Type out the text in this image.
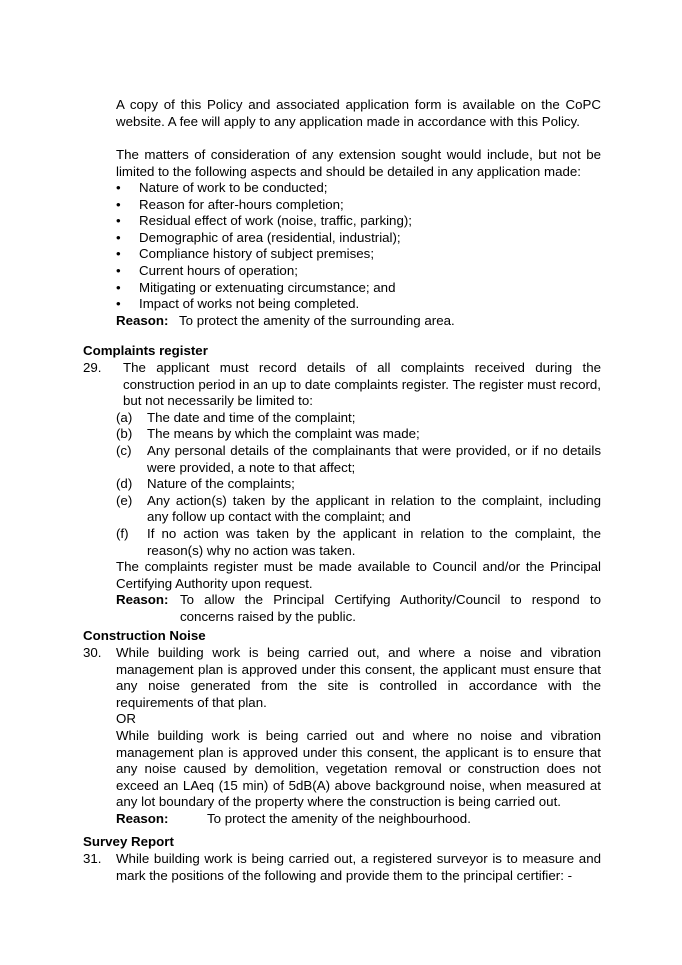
A copy of this Policy and associated application form is available on the CoPC website. A fee will apply to any application made in accordance with this Policy.
The matters of consideration of any extension sought would include, but not be limited to the following aspects and should be detailed in any application made:
• Nature of work to be conducted;
• Reason for after-hours completion;
• Residual effect of work (noise, traffic, parking);
• Demographic of area (residential, industrial);
• Compliance history of subject premises;
• Current hours of operation;
• Mitigating or extenuating circumstance; and
• Impact of works not being completed.
Reason: To protect the amenity of the surrounding area.
Complaints register
29. The applicant must record details of all complaints received during the construction period in an up to date complaints register. The register must record, but not necessarily be limited to:
(a) The date and time of the complaint;
(b) The means by which the complaint was made;
(c) Any personal details of the complainants that were provided, or if no details were provided, a note to that affect;
(d) Nature of the complaints;
(e) Any action(s) taken by the applicant in relation to the complaint, including any follow up contact with the complaint; and
(f) If no action was taken by the applicant in relation to the complaint, the reason(s) why no action was taken.
The complaints register must be made available to Council and/or the Principal Certifying Authority upon request.
Reason: To allow the Principal Certifying Authority/Council to respond to concerns raised by the public.
Construction Noise
30. While building work is being carried out, and where a noise and vibration management plan is approved under this consent, the applicant must ensure that any noise generated from the site is controlled in accordance with the requirements of that plan.
OR
While building work is being carried out and where no noise and vibration management plan is approved under this consent, the applicant is to ensure that any noise caused by demolition, vegetation removal or construction does not exceed an LAeq (15 min) of 5dB(A) above background noise, when measured at any lot boundary of the property where the construction is being carried out.
Reason:	To protect the amenity of the neighbourhood.
Survey Report
31. While building work is being carried out, a registered surveyor is to measure and mark the positions of the following and provide them to the principal certifier: -
